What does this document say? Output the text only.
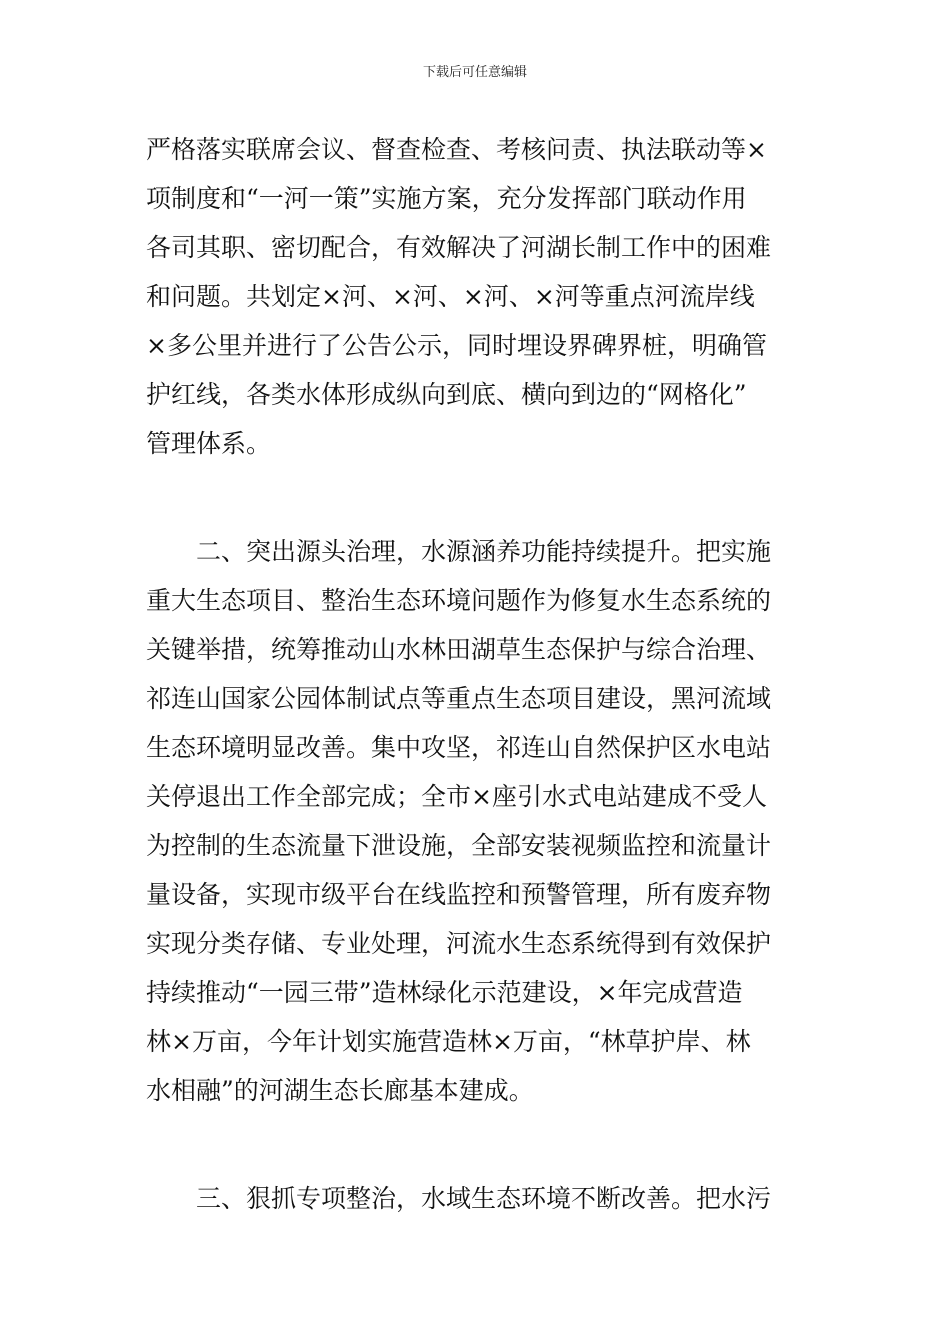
下载后可任意编辑
严格落实联席会议、督查检查、考核问责、执法联动等×
项制度和“一河一策”实施方案，充分发挥部门联动作用
各司其职、密切配合，有效解决了河湖长制工作中的困难
和问题。共划定×河、×河、×河、×河等重点河流岸线
×多公里并进行了公告公示，同时埋设界碑界桩，明确管
护红线，各类水体形成纵向到底、横向到边的“网格化”
管理体系。
二、突出源头治理，水源涵养功能持续提升。把实施
重大生态项目、整治生态环境问题作为修复水生态系统的
关键举措，统筹推动山水林田湖草生态保护与综合治理、
祁连山国家公园体制试点等重点生态项目建设，黑河流域
生态环境明显改善。集中攻坚，祁连山自然保护区水电站
关停退出工作全部完成；全市×座引水式电站建成不受人
为控制的生态流量下泄设施，全部安装视频监控和流量计
量设备，实现市级平台在线监控和预警管理，所有废弃物
实现分类存储、专业处理，河流水生态系统得到有效保护
持续推动“一园三带”造林绿化示范建设，×年完成营造
林×万亩，今年计划实施营造林×万亩，“林草护岸、林
水相融”的河湖生态长廊基本建成。
三、狠抓专项整治，水域生态环境不断改善。把水污
